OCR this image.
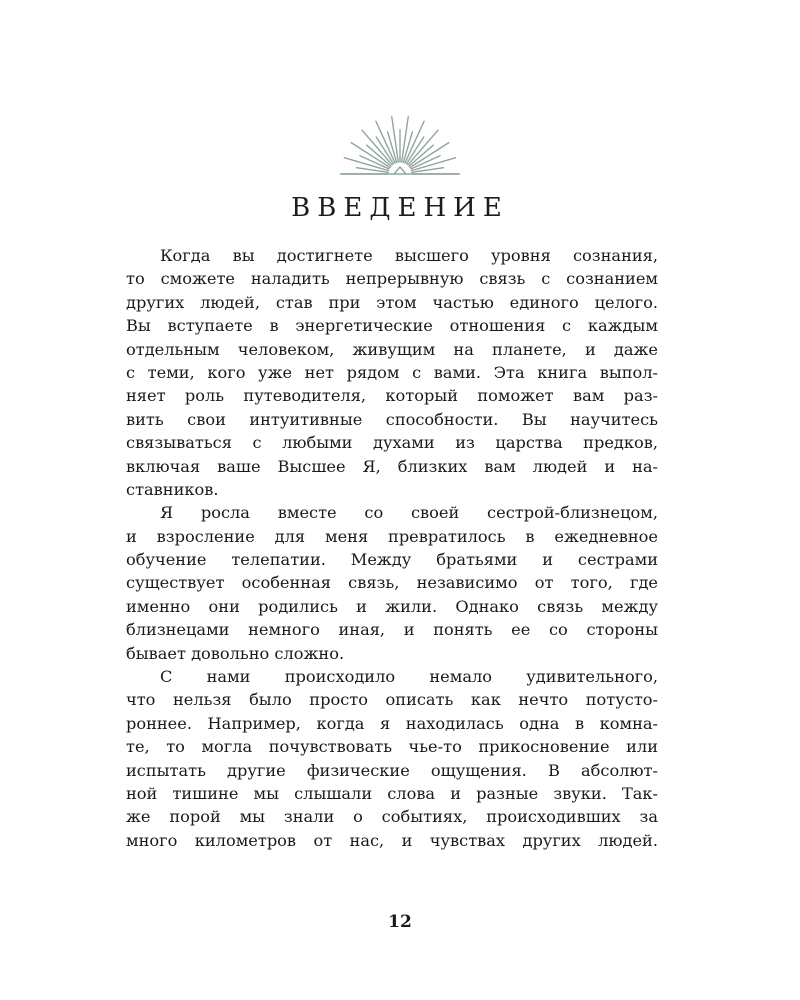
ВВЕДЕНИЕ
Когда вы достигнете высшего уровня сознания,
то сможете наладить непрерывную связь с сознанием
других людей, став при этом частью единого целого.
Вы вступаете в энергетические отношения с каждым
отдельным человеком, живущим на планете, и даже
с теми, кого уже нет рядом с вами. Эта книга выпол-
няет роль путеводителя, который поможет вам раз-
вить свои интуитивные способности. Вы научитесь
связываться с любыми духами из царства предков,
включая ваше Высшее Я, близких вам людей и на-
ставников.
Я росла вместе со своей сестрой-близнецом,
и взросление для меня превратилось в ежедневное
обучение телепатии. Между братьями и сестрами
существует особенная связь, независимо от того, где
именно они родились и жили. Однако связь между
близнецами немного иная, и понять ее со стороны
бывает довольно сложно.
С нами происходило немало удивительного,
что нельзя было просто описать как нечто потусто-
роннее. Например, когда я находилась одна в комна-
те, то могла почувствовать чье-то прикосновение или
испытать другие физические ощущения. В абсолют-
ной тишине мы слышали слова и разные звуки. Так-
же порой мы знали о событиях, происходивших за
много километров от нас, и чувствах других людей.
12
